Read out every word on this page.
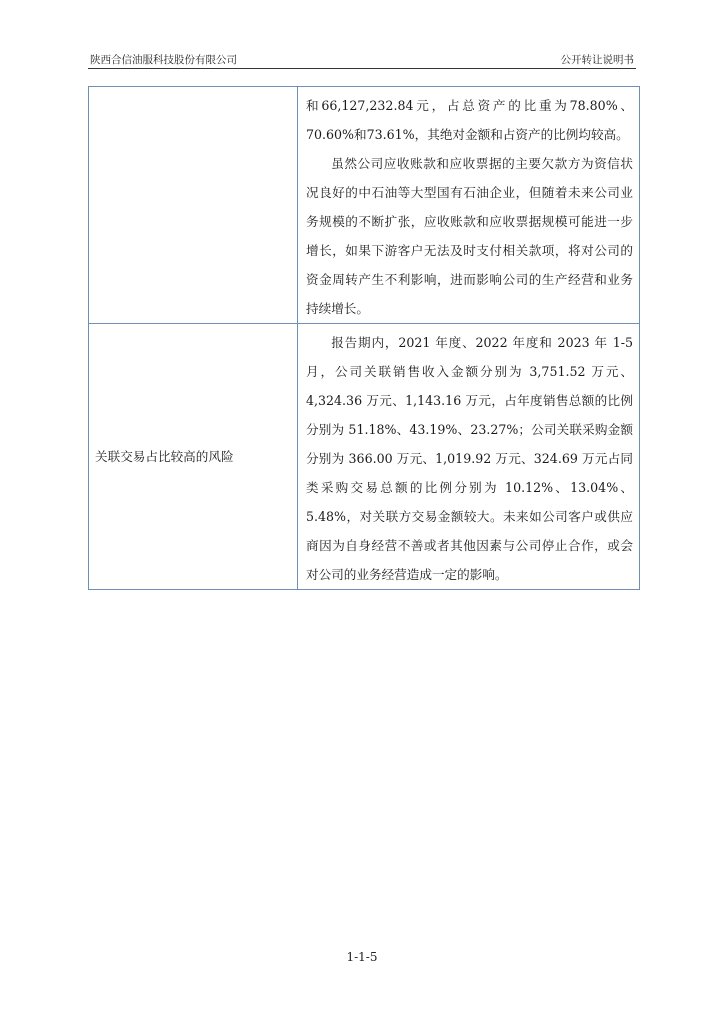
陕西合信油服科技股份有限公司	公开转让说明书

	和66,127,232.84元，占总资产的比重为78.80%、70.60%和73.61%，其绝对金额和占资产的比例均较高。

虽然公司应收账款和应收票据的主要欠款方为资信状况良好的中石油等大型国有石油企业，但随着未来公司业务规模的不断扩张，应收账款和应收票据规模可能进一步增长，如果下游客户无法及时支付相关款项，将对公司的资金周转产生不利影响，进而影响公司的生产经营和业务持续增长。

关联交易占比较高的风险	报告期内，2021 年度、2022 年度和 2023 年 1-5 月，公司关联销售收入金额分别为 3,751.52 万元、4,324.36 万元、1,143.16 万元，占年度销售总额的比例分别为 51.18%、43.19%、23.27%；公司关联采购金额分别为 366.00 万元、1,019.92 万元、324.69 万元占同类采购交易总额的比例分别为 10.12%、13.04%、5.48%，对关联方交易金额较大。未来如公司客户或供应商因为自身经营不善或者其他因素与公司停止合作，或会对公司的业务经营造成一定的影响。

1-1-5
